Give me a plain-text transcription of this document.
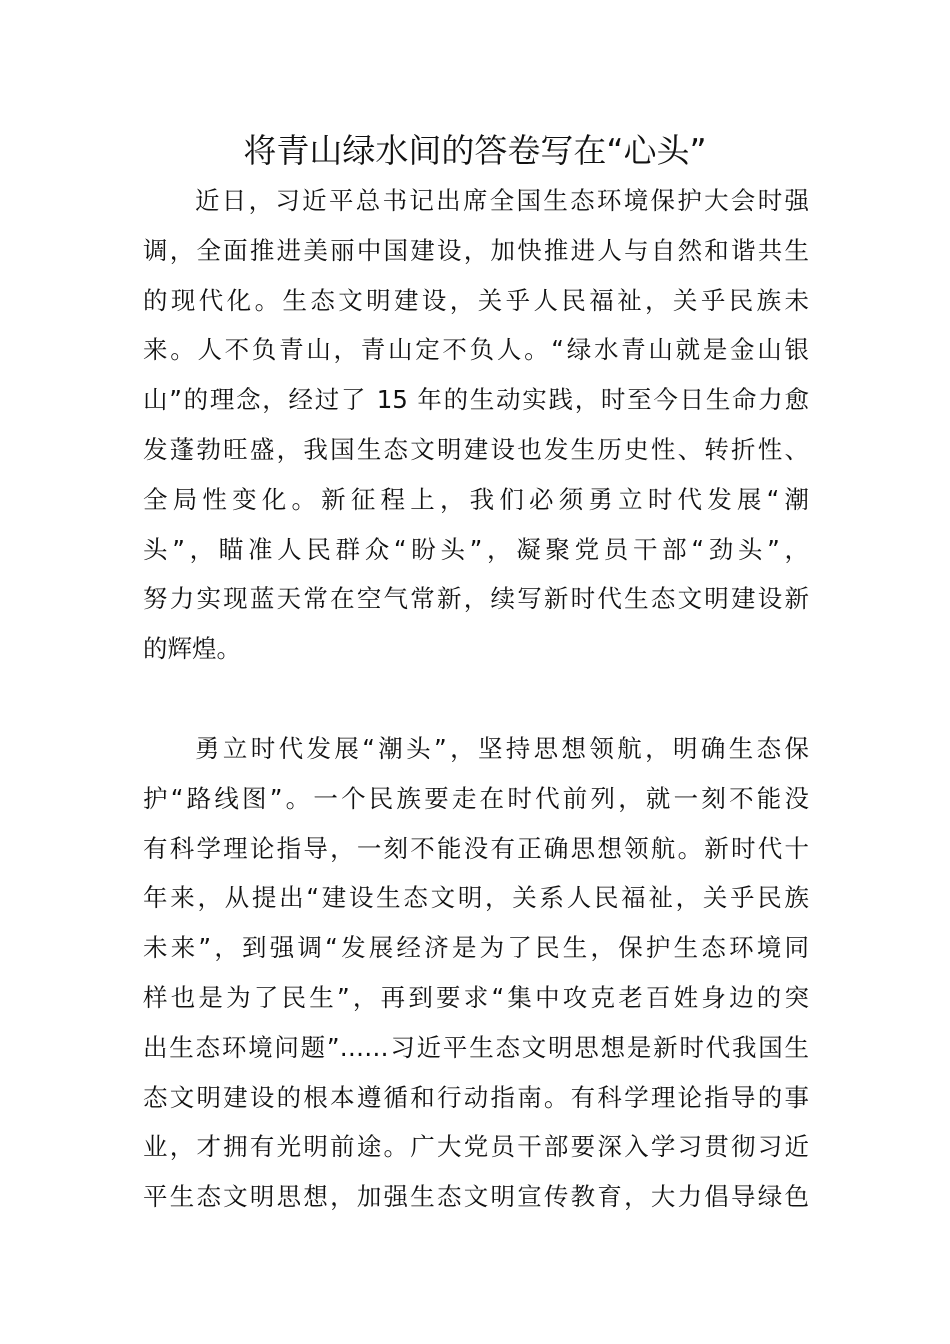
将青山绿水间的答卷写在“心头”
近日，习近平总书记出席全国生态环境保护大会时强
调，全面推进美丽中国建设，加快推进人与自然和谐共生
的现代化。生态文明建设，关乎人民福祉，关乎民族未
来。人不负青山，青山定不负人。“绿水青山就是金山银
山”的理念，经过了 15 年的生动实践，时至今日生命力愈
发蓬勃旺盛，我国生态文明建设也发生历史性、转折性、
全局性变化。新征程上，我们必须勇立时代发展“潮
头”，瞄准人民群众“盼头”，凝聚党员干部“劲头”，
努力实现蓝天常在空气常新，续写新时代生态文明建设新
的辉煌。
勇立时代发展“潮头”，坚持思想领航，明确生态保
护“路线图”。一个民族要走在时代前列，就一刻不能没
有科学理论指导，一刻不能没有正确思想领航。新时代十
年来，从提出“建设生态文明，关系人民福祉，关乎民族
未来”，到强调“发展经济是为了民生，保护生态环境同
样也是为了民生”，再到要求“集中攻克老百姓身边的突
出生态环境问题”……习近平生态文明思想是新时代我国生
态文明建设的根本遵循和行动指南。有科学理论指导的事
业，才拥有光明前途。广大党员干部要深入学习贯彻习近
平生态文明思想，加强生态文明宣传教育，大力倡导绿色
